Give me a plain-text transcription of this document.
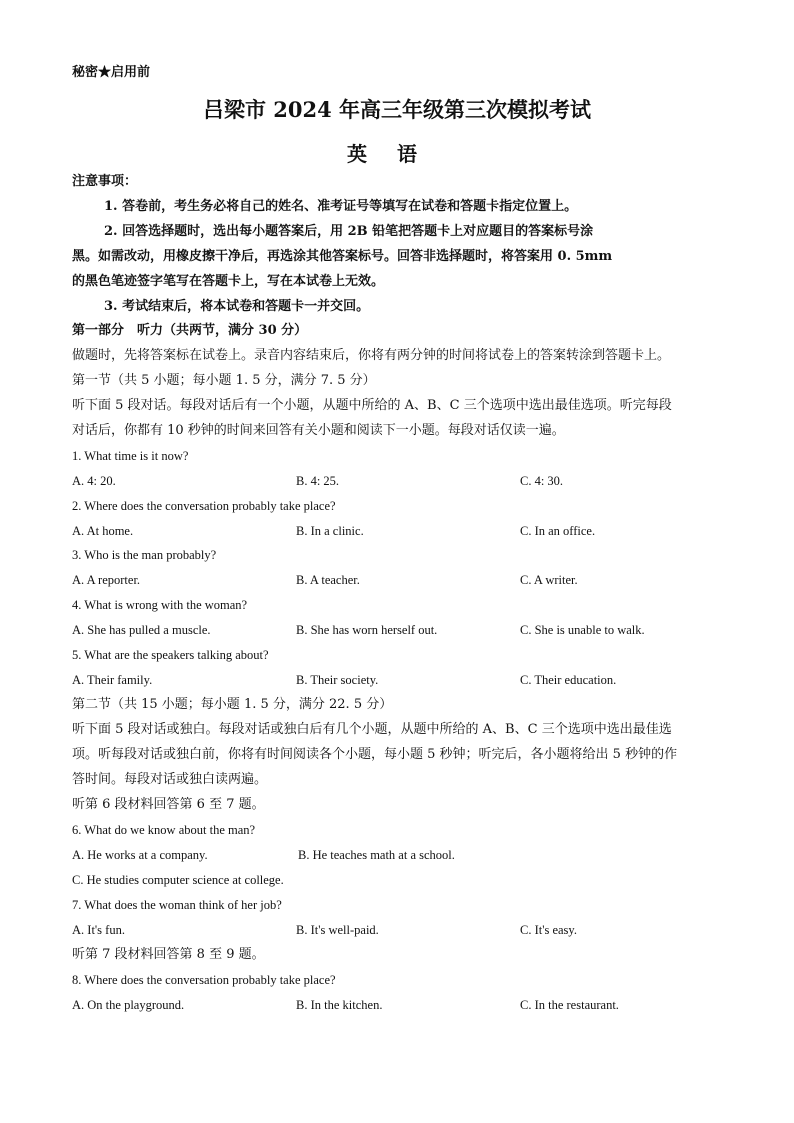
秘密★启用前
吕梁市 2024 年高三年级第三次模拟考试
英语
注意事项：
1. 答卷前，考生务必将自己的姓名、准考证号等填写在试卷和答题卡指定位置上。
2. 回答选择题时，选出每小题答案后，用 2B 铅笔把答题卡上对应题目的答案标号涂
黑。如需改动，用橡皮擦干净后，再选涂其他答案标号。回答非选择题时，将答案用 0. 5mm
的黑色笔迹签字笔写在答题卡上，写在本试卷上无效。
3. 考试结束后，将本试卷和答题卡一并交回。
第一部分　听力（共两节，满分 30 分）
做题时，先将答案标在试卷上。录音内容结束后，你将有两分钟的时间将试卷上的答案转涂到答题卡上。
第一节（共 5 小题；每小题 1. 5 分，满分 7. 5 分）
听下面 5 段对话。每段对话后有一个小题，从题中所给的 A、B、C 三个选项中选出最佳选项。听完每段
对话后，你都有 10 秒钟的时间来回答有关小题和阅读下一小题。每段对话仅读一遍。
1. What time is it now?
A. 4: 20.	B. 4: 25.	C. 4: 30.
2. Where does the conversation probably take place?
A. At home.	B. In a clinic.	C. In an office.
3. Who is the man probably?
A. A reporter.	B. A teacher.	C. A writer.
4. What is wrong with the woman?
A. She has pulled a muscle.	B. She has worn herself out.	C. She is unable to walk.
5. What are the speakers talking about?
A. Their family.	B. Their society.	C. Their education.
第二节（共 15 小题；每小题 1. 5 分，满分 22. 5 分）
听下面 5 段对话或独白。每段对话或独白后有几个小题，从题中所给的 A、B、C 三个选项中选出最佳选
项。听每段对话或独白前，你将有时间阅读各个小题，每小题 5 秒钟；听完后，各小题将给出 5 秒钟的作
答时间。每段对话或独白读两遍。
听第 6 段材料回答第 6 至 7 题。
6. What do we know about the man?
A. He works at a company.	B. He teaches math at a school.
C. He studies computer science at college.
7. What does the woman think of her job?
A. It's fun.	B. It's well-paid.	C. It's easy.
听第 7 段材料回答第 8 至 9 题。
8. Where does the conversation probably take place?
A. On the playground.	B. In the kitchen.	C. In the restaurant.
